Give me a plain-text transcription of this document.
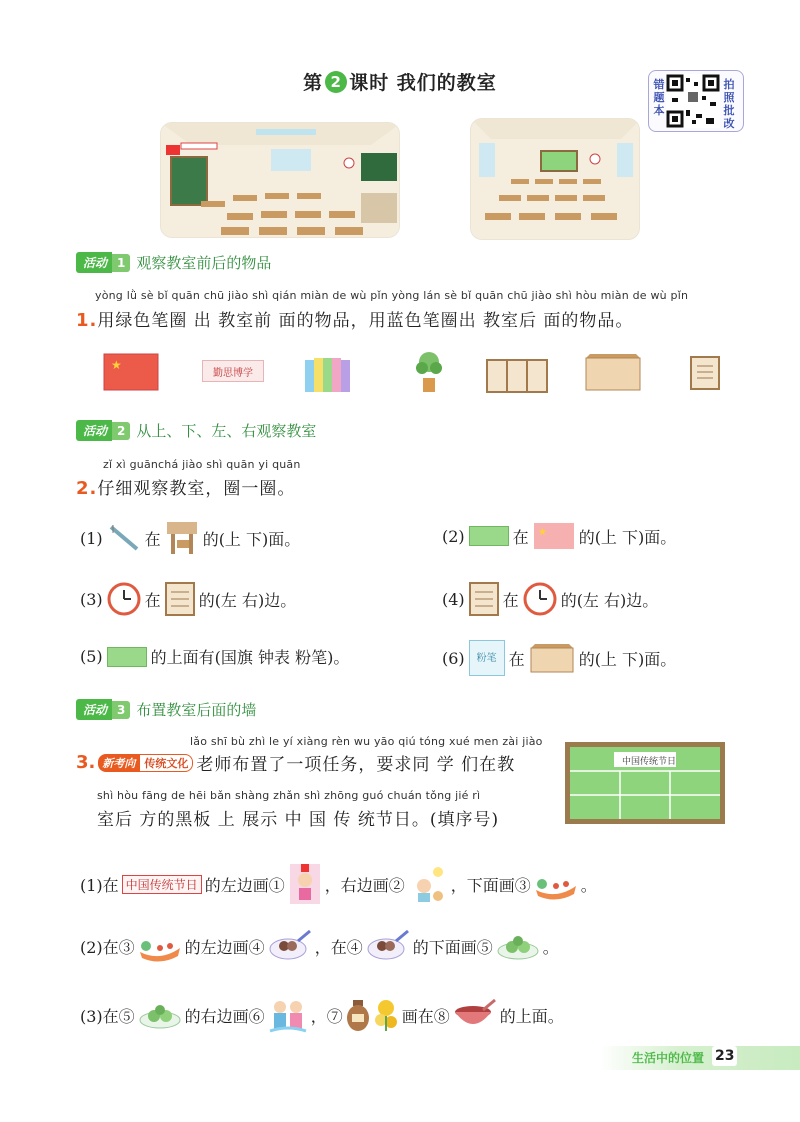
第 2 课时 我们的教室	错题本
拍照批改
活动 1 观察教室前后的物品
yòng lǜ sè bǐ quān chū jiào shì qián miàn de wù pǐn yòng lán sè bǐ quān chū jiào shì hòu miàn de wù pǐn
1.用绿色笔圈 出 教室前 面的物品，用蓝色笔圈出 教室后 面的物品。
★
勤思博学
活动 2 从上、下、左、右观察教室
zǐ xì guānchá jiào shì quān yi quān
2.仔细观察教室，圈一圈。
(1)	在	的(上 下)面。	(2)	在 ★ 的(上 下)面。
(3)	在 的(左 右)边。	(4) 在	的(左 右)边。
(5)	的上面有(国旗 钟表 粉笔)。	(6)	粉笔 在	的(上 下)面。
活动 3 布置教室后面的墙
lǎo shī bù zhì le yí xiàng rèn wu yāo qiú tóng xué men zài jiào
3. 新考向 传统文化 老师布置了一项任务，要求同 学 们在教
shì hòu fāng de hēi bǎn shàng zhǎn shì zhōng guó chuán tǒng jié rì
室后 方的黑板 上 展示 中 国 传 统节日。(填序号)
中国传统节日
(1)在 中国传统节日 的左边画①	，右边画②	，下面画③	。
(2)在③	的左边画④	，在④	的下面画⑤	。
(3)在⑤	的右边画⑥	，⑦	画在⑧	的上面。
生活中的位置 23
